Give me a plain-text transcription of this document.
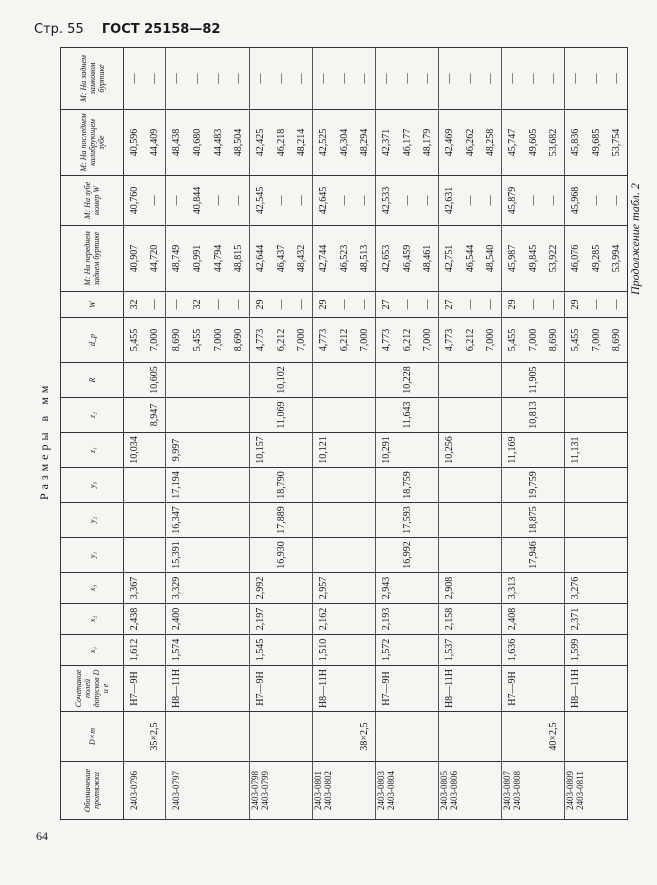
Стр. 55 ГОСТ 25158—82
Продолжение табл. 2
Размеры в мм
Обозначение протяжки	D×m	Сочетание полей допусков D и e	x₁	x₂	x₃	y₁	y₂	y₃	z₁	z₂	R	d_p	W	M: На переднем заднем буртике	M: На зубе номер W	M: На последнем калибрующем зубе	M: На заднем замковом буртике

2403-0796		H7—9H	1,612	2,438	3,367				10,034			5,455	32	40,907	40,760	40,596	—
	35×2,5									8,947	10,605	7,000	—	44,720	—	44,409	—

2403-0797		H8—11H	1,574	2,400	3,329	15,391	16,347	17,194	9,997			8,690	—	48,749	—	48,438	—
												5,455	32	40,991	40,844	40,680	—
												7,000	—	44,794	—	44,483	—
												8,690	—	48,815	—	48,504	—

2403-0798 2403-0799		H7—9H	1,545	2,197	2,992				10,157			4,773	29	42,644	42,545	42,425	—
						16,930	17,889	18,790		11,069	10,102	6,212	—	46,437	—	46,218	—
												7,000	—	48,432	—	48,214	—

2403-0801 2403-0802		H8—11H	1,510	2,162	2,957				10,121			4,773	29	42,744	42,645	42,525	—
												6,212	—	46,523	—	46,304	—
	38×2,5											7,000	—	48,513	—	48,294	—

2403-0803 2403-0804		H7—9H	1,572	2,193	2,943				10,291			4,773	27	42,653	42,533	42,371	—
						16,992	17,593	18,759		11,643	10,228	6,212	—	46,459	—	46,177	—
												7,000	—	48,461	—	48,179	—

2403-0805 2403-0806		H8—11H	1,537	2,158	2,908				10,256			4,773	27	42,751	42,631	42,469	—
												6,212	—	46,544	—	46,262	—
												7,000	—	48,540	—	48,258	—

2403-0807 2403-0808		H7—9H	1,636	2,408	3,313				11,169			5,455	29	45,987	45,879	45,747	—
						17,946	18,875	19,759		10,813	11,905	7,000	—	49,845	—	49,605	—
	40×2,5											8,690	—	53,922	—	53,682	—

2403-0809 2403-0811		H8—11H	1,599	2,371	3,276				11,131			5,455	29	46,076	45,968	45,836	—
												7,000	—	49,285	—	49,685	—
												8,690	—	53,994	—	53,754	—
64
